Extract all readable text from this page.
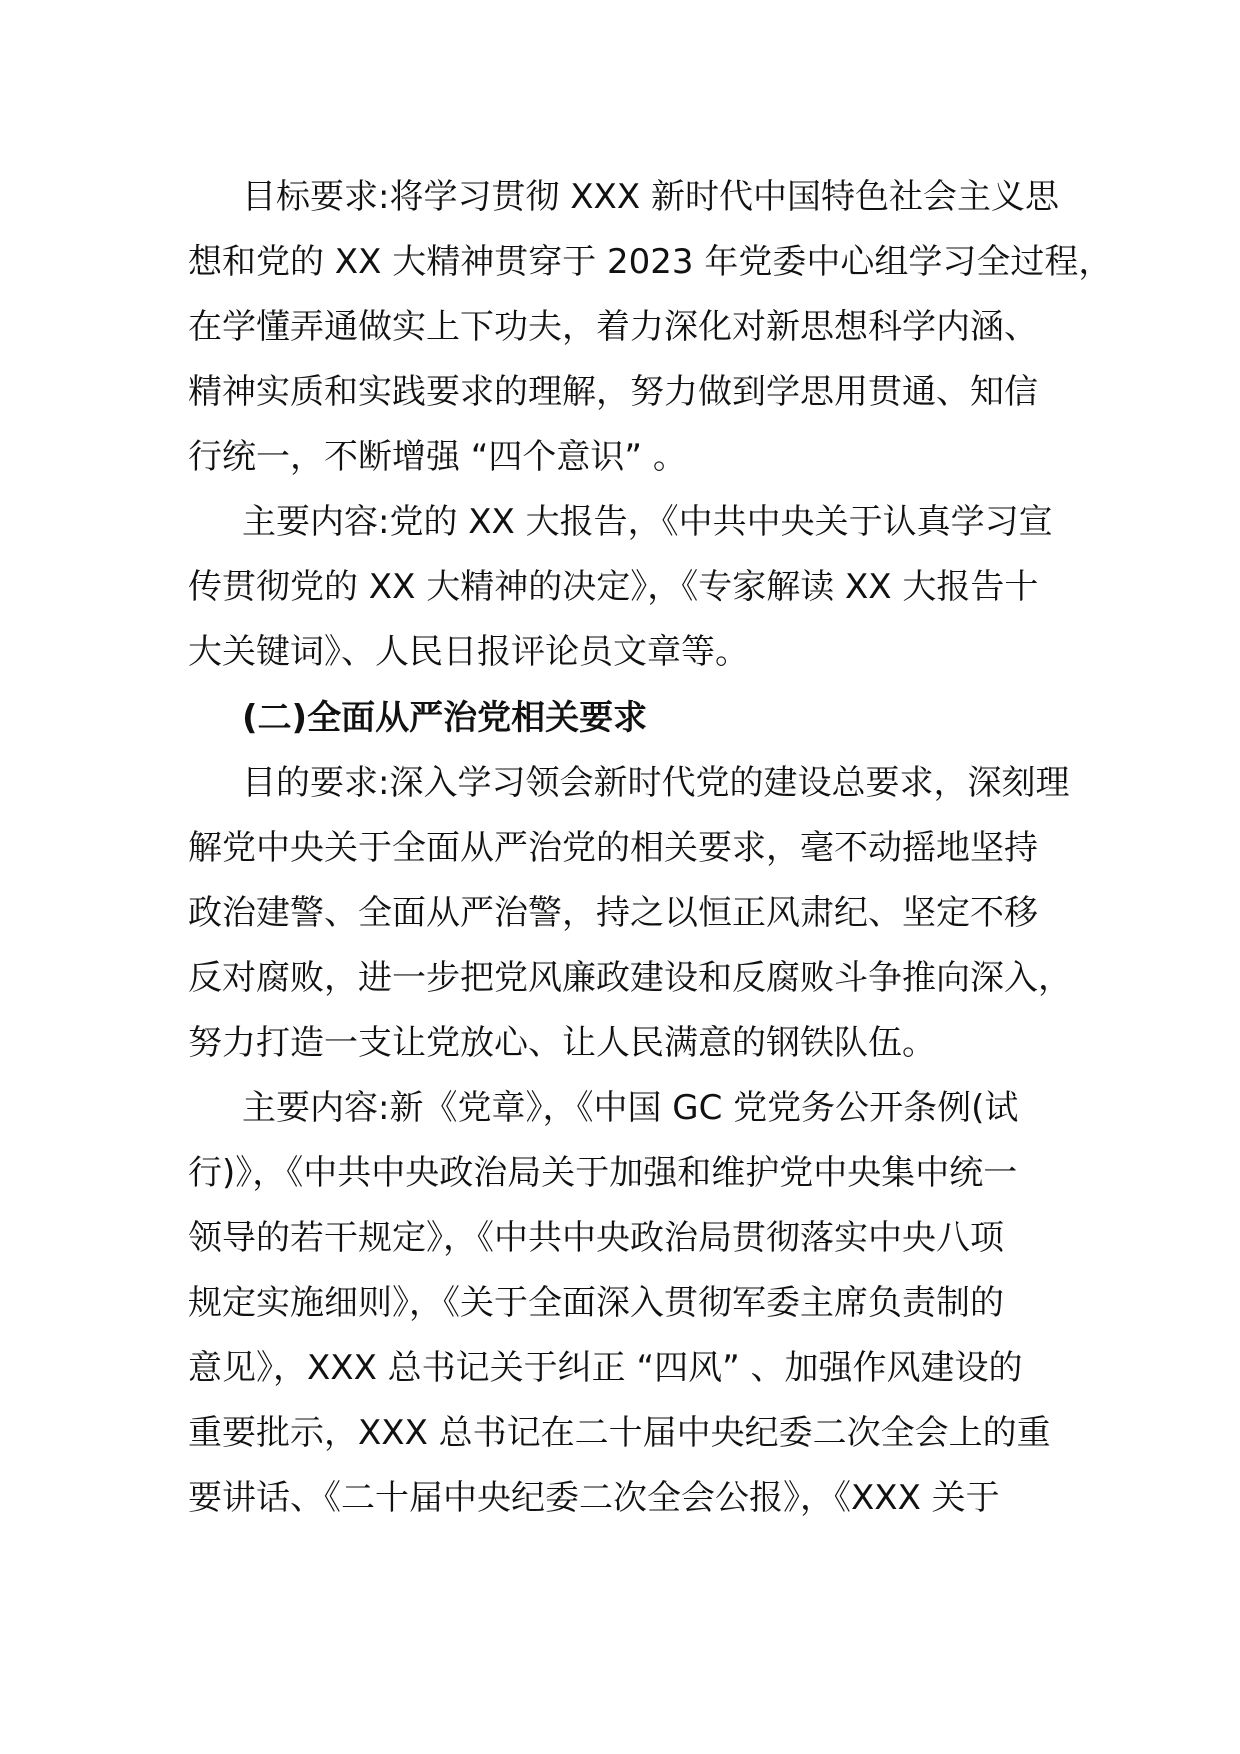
目标要求:将学习贯彻 XXX 新时代中国特色社会主义思

想和党的 XX 大精神贯穿于 2023 年党委中心组学习全过程，

在学懂弄通做实上下功夫，着力深化对新思想科学内涵、

精神实质和实践要求的理解，努力做到学思用贯通、知信

行统一，不断增强 “四个意识” 。

主要内容:党的 XX 大报告，《中共中央关于认真学习宣

传贯彻党的 XX 大精神的决定》，《专家解读 XX 大报告十

大关键词》、人民日报评论员文章等。

(二)全面从严治党相关要求

目的要求:深入学习领会新时代党的建设总要求，深刻理

解党中央关于全面从严治党的相关要求，毫不动摇地坚持

政治建警、全面从严治警，持之以恒正风肃纪、坚定不移

反对腐败，进一步把党风廉政建设和反腐败斗争推向深入，

努力打造一支让党放心、让人民满意的钢铁队伍。

主要内容:新《党章》，《中国 GC 党党务公开条例(试

行)》，《中共中央政治局关于加强和维护党中央集中统一

领导的若干规定》，《中共中央政治局贯彻落实中央八项

规定实施细则》，《关于全面深入贯彻军委主席负责制的

意见》，XXX 总书记关于纠正 “四风” 、加强作风建设的

重要批示，XXX 总书记在二十届中央纪委二次全会上的重

要讲话、《二十届中央纪委二次全会公报》，《XXX 关于
